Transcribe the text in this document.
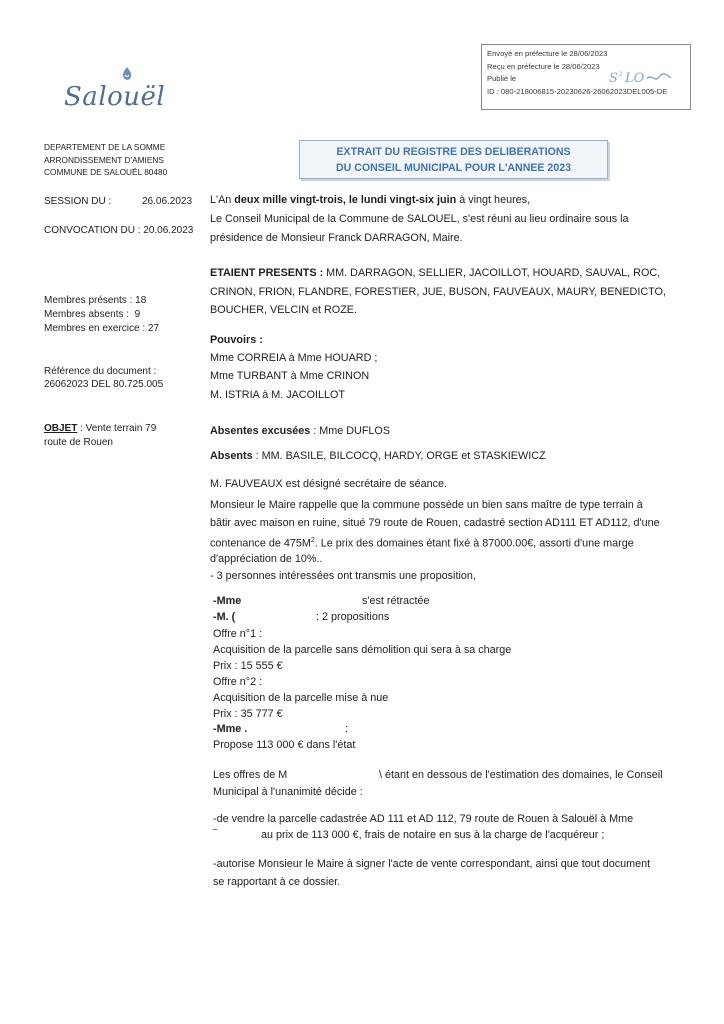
Envoyé en préfecture le 28/06/2023
Reçu en préfecture le 28/06/2023
Publié le
ID : 080-218006815-20230626-26062023DEL005-DE
S 2 LO
Salouël
DEPARTEMENT DE LA SOMME
ARRONDISSEMENT D'AMIENS
COMMUNE DE SALOUËL 80480
EXTRAIT DU REGISTRE DES DELIBERATIONS
DU CONSEIL MUNICIPAL POUR L'ANNEE 2023
SESSION DU :	26.06.2023
CONVOCATION DU : 20.06.2023
Membres présents : 18
Membres absents :  9
Membres en exercice : 27
Référence du document :
26062023 DEL 80.725.005
OBJET : Vente terrain 79
route de Rouen
L'An deux mille vingt-trois, le lundi vingt-six juin à vingt heures,
Le Conseil Municipal de la Commune de SALOUEL, s'est réuni au lieu ordinaire sous la
présidence de Monsieur Franck DARRAGON, Maire.
ETAIENT PRESENTS : MM. DARRAGON, SELLIER, JACOILLOT, HOUARD, SAUVAL, ROC,
CRINON, FRION, FLANDRE, FORESTIER, JUE, BUSON, FAUVEAUX, MAURY, BENEDICTO,
BOUCHER, VELCIN et ROZE.
Pouvoirs :
Mme CORREIA à Mme HOUARD ;
Mme TURBANT à Mme CRINON
M. ISTRIA à M. JACOILLOT
Absentes excusées : Mme DUFLOS
Absents : MM. BASILE, BILCOCQ, HARDY, ORGE et STASKIEWICZ
M. FAUVEAUX est désigné secrétaire de séance.
Monsieur le Maire rappelle que la commune possède un bien sans maître de type terrain à
bâtir avec maison en ruine, situé 79 route de Rouen, cadastré section AD111 ET AD112, d'une
contenance de $475M^2$. Le prix des domaines étant fixé à 87000.00€, assorti d'une marge
d'appréciation de 10%..
- 3 personnes intéressées ont transmis une proposition,
-Mme	s'est rétractée
-M. (	: 2 propositions
Offre n°1 :
Acquisition de la parcelle sans démolition qui sera à sa charge
Prix : 15 555 €
Offre n°2 :
Acquisition de la parcelle mise à nue
Prix : 35 777 €
-Mme .	:
Propose 113 000 € dans l'état
Les offres de M	\ étant en dessous de l'estimation des domaines, le Conseil
Municipal à l'unanimité décide :
-de vendre la parcelle cadastrée AD 111 et AD 112, 79 route de Rouen à Salouël à Mme
‾	au prix de 113 000 €, frais de notaire en sus à la charge de l'acquéreur ;
-autorise Monsieur le Maire à signer l'acte de vente correspondant, ainsi que tout document
se rapportant à ce dossier.
